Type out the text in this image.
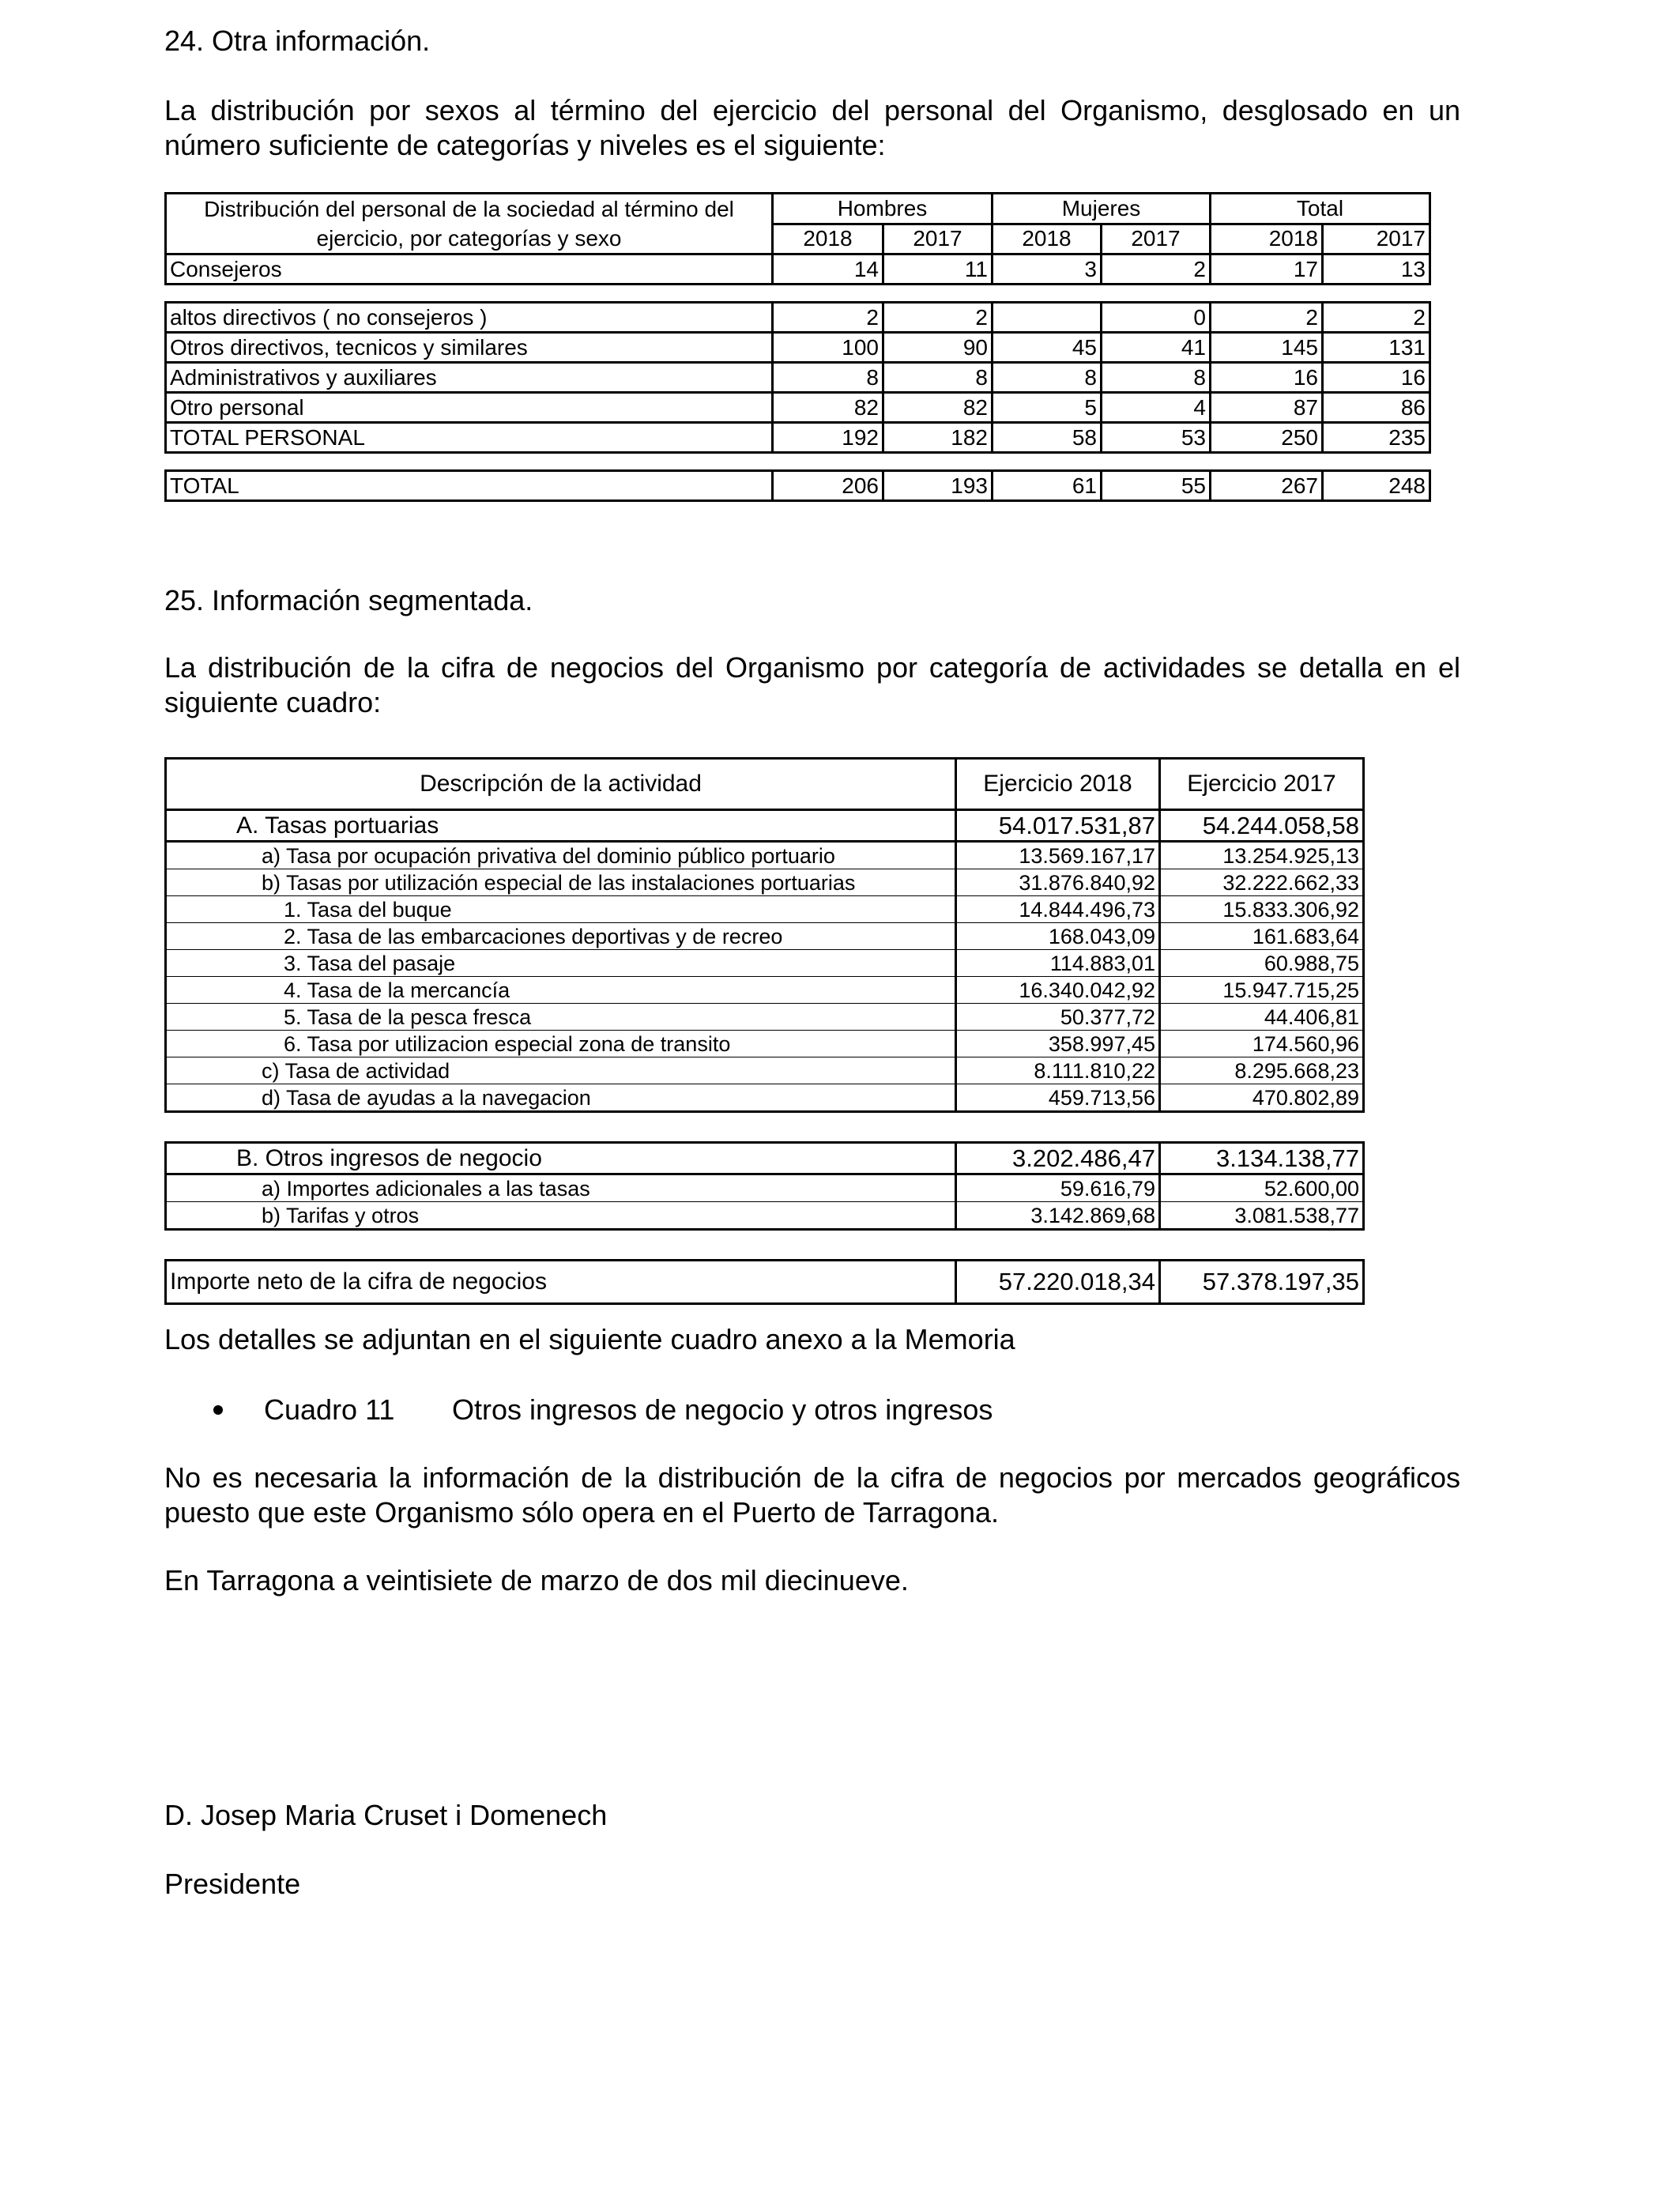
24. Otra información.

La distribución por sexos al término del ejercicio del personal del Organismo, desglosado en un número suficiente de categorías y niveles es el siguiente:

Distribución del personal de la sociedad al término del ejercicio, por categorías y sexo	Hombres		Mujeres		Total	
	2018	2017	2018	2017	2018	2017
Consejeros	14	11	3	2	17	13

altos directivos ( no consejeros )	2	2		0	2	2
Otros directivos, tecnicos y similares	100	90	45	41	145	131
Administrativos y auxiliares	8	8	8	8	16	16
Otro personal	82	82	5	4	87	86
TOTAL PERSONAL	192	182	58	53	250	235

TOTAL	206	193	61	55	267	248

25. Información segmentada.

La distribución de la cifra de negocios del Organismo por categoría de actividades se detalla en el siguiente cuadro:

Descripción de la actividad	Ejercicio 2018	Ejercicio 2017
A. Tasas portuarias	54.017.531,87	54.244.058,58
a) Tasa por ocupación privativa del dominio público portuario	13.569.167,17	13.254.925,13
b) Tasas por utilización especial de las instalaciones portuarias	31.876.840,92	32.222.662,33
1. Tasa del buque	14.844.496,73	15.833.306,92
2. Tasa de las embarcaciones deportivas y de recreo	168.043,09	161.683,64
3. Tasa del pasaje	114.883,01	60.988,75
4. Tasa de la mercancía	16.340.042,92	15.947.715,25
5. Tasa de la pesca fresca	50.377,72	44.406,81
6. Tasa por utilizacion especial zona de transito	358.997,45	174.560,96
c) Tasa de actividad	8.111.810,22	8.295.668,23
d) Tasa de ayudas a la navegacion	459.713,56	470.802,89

B. Otros ingresos de negocio	3.202.486,47	3.134.138,77
a) Importes adicionales a las tasas	59.616,79	52.600,00
b) Tarifas y otros	3.142.869,68	3.081.538,77

Importe neto de la cifra de negocios	57.220.018,34	57.378.197,35

Los detalles se adjuntan en el siguiente cuadro anexo a la Memoria

Cuadro 11	Otros ingresos de negocio y otros ingresos

No es necesaria la información de la distribución de la cifra de negocios por mercados geográficos puesto que este Organismo sólo opera en el Puerto de Tarragona.

En Tarragona a veintisiete de marzo de dos mil diecinueve.

D. Josep Maria Cruset i Domenech

Presidente
